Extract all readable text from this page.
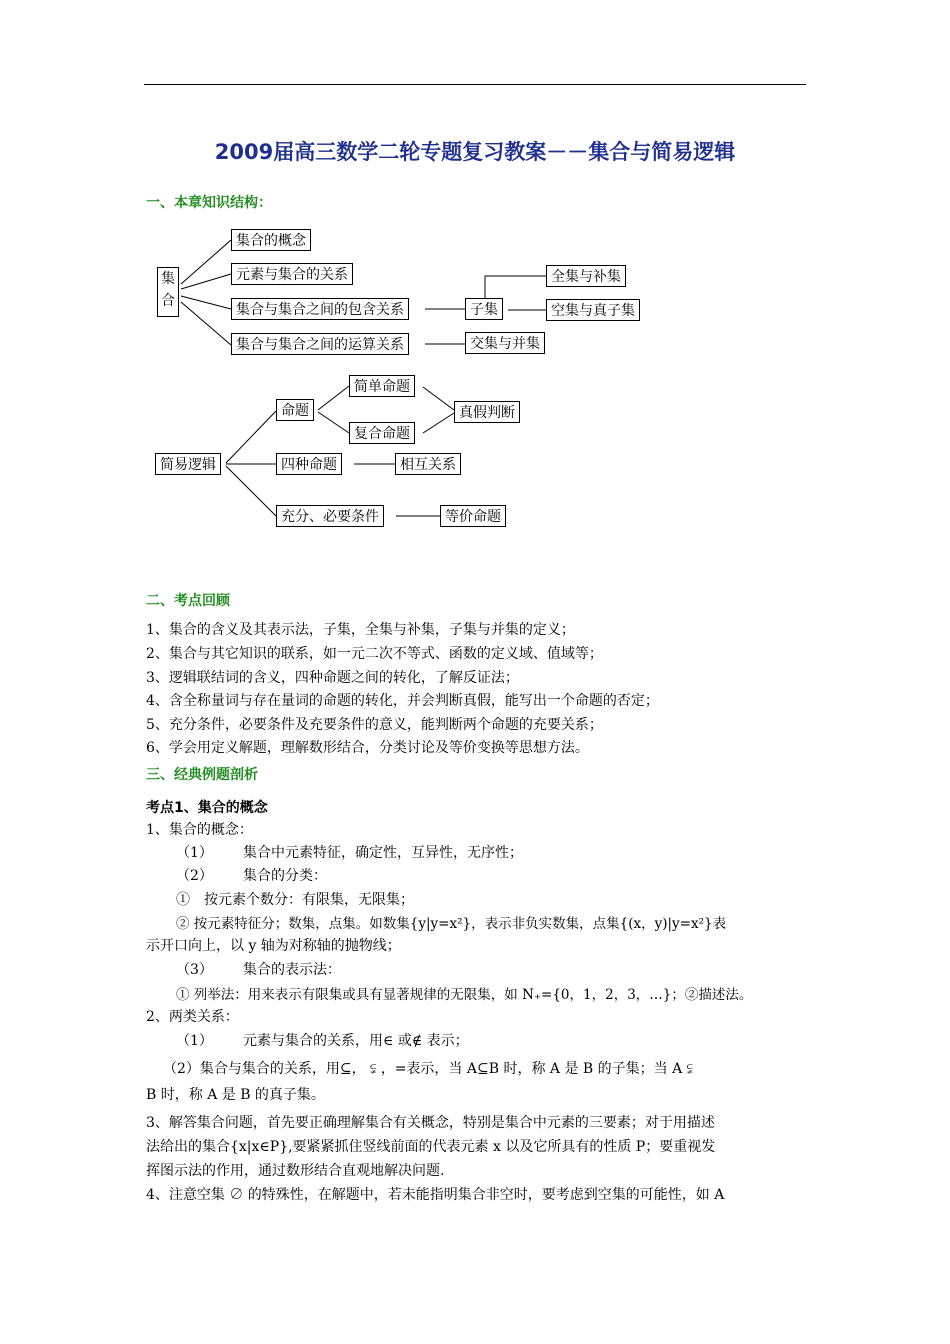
2009届高三数学二轮专题复习教案－－集合与简易逻辑
一、本章知识结构：
集合
集合的概念
元素与集合的关系
集合与集合之间的包含关系
集合与集合之间的运算关系
子集
全集与补集
空集与真子集
交集与并集
简易逻辑
命题
简单命题
复合命题
真假判断
四种命题	相互关系
充分、必要条件	等价命题
二、考点回顾
1、集合的含义及其表示法，子集，全集与补集，子集与并集的定义；
2、集合与其它知识的联系，如一元二次不等式、函数的定义域、值域等；
3、逻辑联结词的含义，四种命题之间的转化，了解反证法；
4、含全称量词与存在量词的命题的转化，并会判断真假，能写出一个命题的否定；
5、充分条件，必要条件及充要条件的意义，能判断两个命题的充要关系；
6、学会用定义解题，理解数形结合，分类讨论及等价变换等思想方法。
三、经典例题剖析
考点1、集合的概念
1、集合的概念：
（1） 集合中元素特征，确定性，互异性，无序性；
（2） 集合的分类：
①　按元素个数分：有限集，无限集；
② 按元素特征分；数集，点集。如数集{y|y=x²}，表示非负实数集，点集{(x，y)|y=x²}表
示开口向上，以 y 轴为对称轴的抛物线；
（3） 集合的表示法：
① 列举法：用来表示有限集或具有显著规律的无限集，如 N₊={0，1，2，3，…}；②描述法。
2、两类关系：
（1） 元素与集合的关系，用∈ 或∉ 表示；
（2）集合与集合的关系，用⊆， ⫋ ，=表示，当 A⊆B 时，称 A 是 B 的子集；当 A ⫋
B 时，称 A 是 B 的真子集。
3、解答集合问题，首先要正确理解集合有关概念，特别是集合中元素的三要素；对于用描述
法给出的集合{x|x∈P},要紧紧抓住竖线前面的代表元素 x 以及它所具有的性质 P；要重视发
挥图示法的作用，通过数形结合直观地解决问题.
4、注意空集 ∅ 的特殊性，在解题中，若未能指明集合非空时，要考虑到空集的可能性，如 A
